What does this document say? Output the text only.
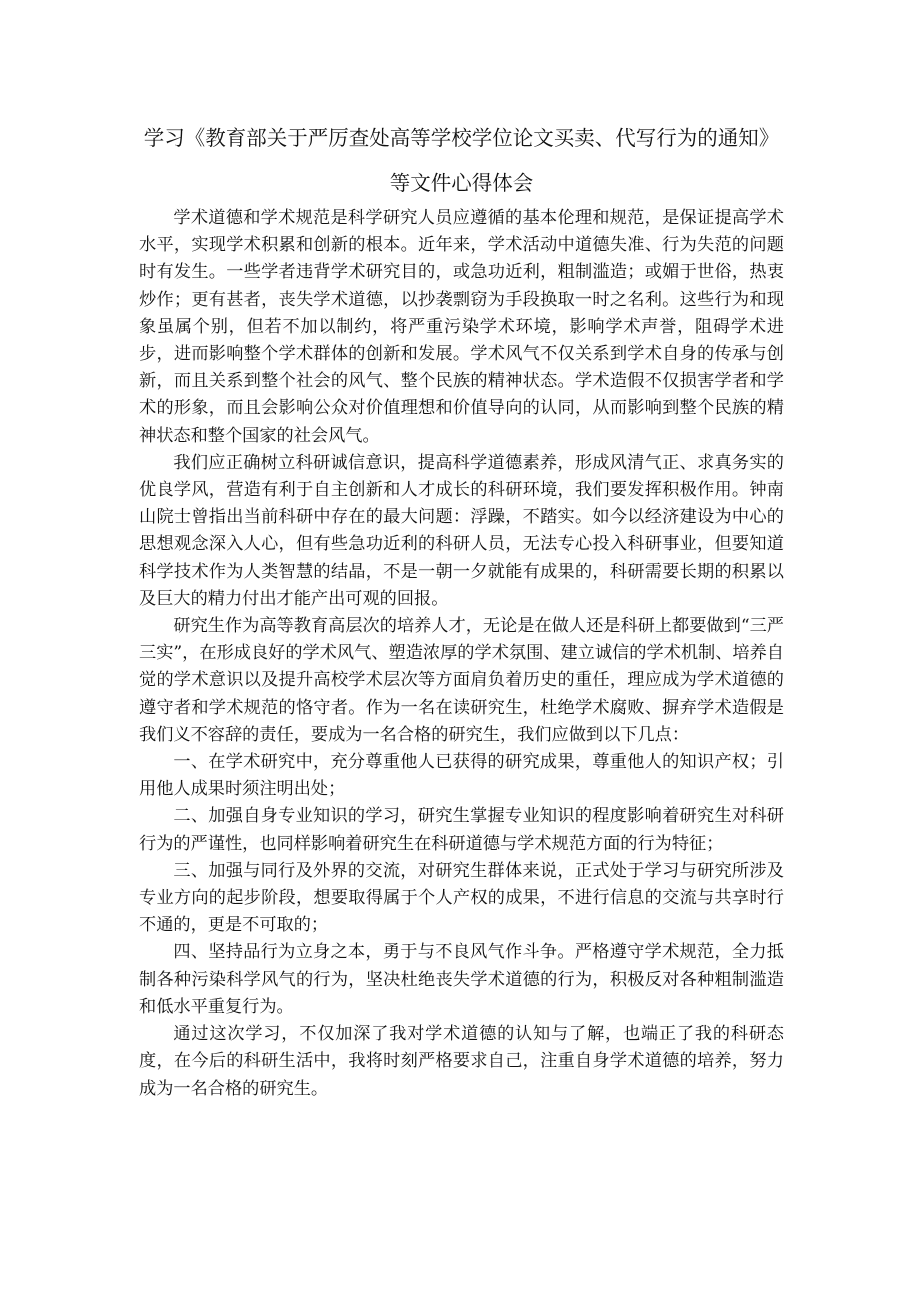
学习《教育部关于严厉查处高等学校学位论文买卖、代写行为的通知》
等文件心得体会

学术道德和学术规范是科学研究人员应遵循的基本伦理和规范，是保证提高学术水平，实现学术积累和创新的根本。近年来，学术活动中道德失准、行为失范的问题时有发生。一些学者违背学术研究目的，或急功近利，粗制滥造；或媚于世俗，热衷炒作；更有甚者，丧失学术道德，以抄袭剽窃为手段换取一时之名利。这些行为和现象虽属个别，但若不加以制约，将严重污染学术环境，影响学术声誉，阻碍学术进步，进而影响整个学术群体的创新和发展。学术风气不仅关系到学术自身的传承与创新，而且关系到整个社会的风气、整个民族的精神状态。学术造假不仅损害学者和学术的形象，而且会影响公众对价值理想和价值导向的认同，从而影响到整个民族的精神状态和整个国家的社会风气。

我们应正确树立科研诚信意识，提高科学道德素养，形成风清气正、求真务实的优良学风，营造有利于自主创新和人才成长的科研环境，我们要发挥积极作用。钟南山院士曾指出当前科研中存在的最大问题：浮躁，不踏实。如今以经济建设为中心的思想观念深入人心，但有些急功近利的科研人员，无法专心投入科研事业，但要知道科学技术作为人类智慧的结晶，不是一朝一夕就能有成果的，科研需要长期的积累以及巨大的精力付出才能产出可观的回报。

研究生作为高等教育高层次的培养人才，无论是在做人还是科研上都要做到“三严三实”，在形成良好的学术风气、塑造浓厚的学术氛围、建立诚信的学术机制、培养自觉的学术意识以及提升高校学术层次等方面肩负着历史的重任，理应成为学术道德的遵守者和学术规范的恪守者。作为一名在读研究生，杜绝学术腐败、摒弃学术造假是我们义不容辞的责任，要成为一名合格的研究生，我们应做到以下几点：

一、在学术研究中，充分尊重他人已获得的研究成果，尊重他人的知识产权；引用他人成果时须注明出处；

二、加强自身专业知识的学习，研究生掌握专业知识的程度影响着研究生对科研行为的严谨性，也同样影响着研究生在科研道德与学术规范方面的行为特征；

三、加强与同行及外界的交流，对研究生群体来说，正式处于学习与研究所涉及专业方向的起步阶段，想要取得属于个人产权的成果，不进行信息的交流与共享时行不通的，更是不可取的；

四、坚持品行为立身之本，勇于与不良风气作斗争。严格遵守学术规范，全力抵制各种污染科学风气的行为，坚决杜绝丧失学术道德的行为，积极反对各种粗制滥造和低水平重复行为。

通过这次学习，不仅加深了我对学术道德的认知与了解，也端正了我的科研态度，在今后的科研生活中，我将时刻严格要求自己，注重自身学术道德的培养，努力成为一名合格的研究生。
